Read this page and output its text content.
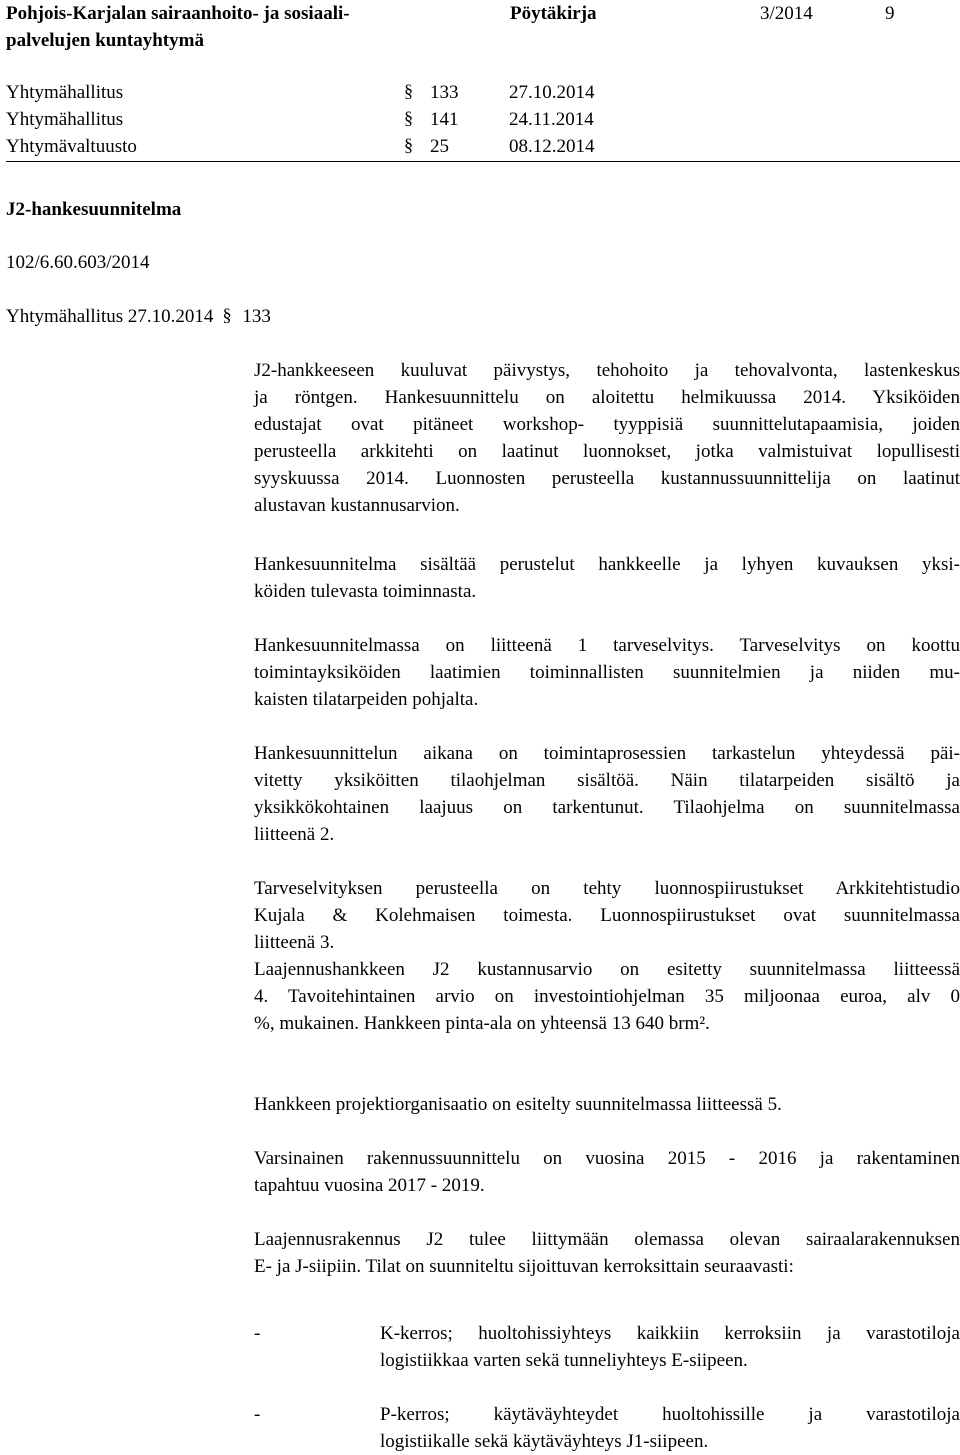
Pohjois-Karjalan sairaanhoito- ja sosiaali-
palvelujen kuntayhtymä
Pöytäkirja	3/2014	9
Yhtymähallitus	§ 133	27.10.2014
Yhtymähallitus	§ 141	24.11.2014
Yhtymävaltuusto	§ 25	08.12.2014
J2-hankesuunnitelma
102/6.60.603/2014
Yhtymähallitus 27.10.2014 § 133

J2-hankkeeseen kuuluvat päivystys, tehohoito ja tehovalvonta, lastenkeskus
ja röntgen. Hankesuunnittelu on aloitettu helmikuussa 2014. Yksiköiden
edustajat ovat pitäneet workshop- tyyppisiä suunnittelutapaamisia, joiden
perusteella arkkitehti on laatinut luonnokset, jotka valmistuivat lopullisesti
syyskuussa 2014. Luonnosten perusteella kustannussuunnittelija on laatinut
alustavan kustannusarvion.

Hankesuunnitelma sisältää perustelut hankkeelle ja lyhyen kuvauksen yksi-
köiden tulevasta toiminnasta.

Hankesuunnitelmassa on liitteenä 1 tarveselvitys. Tarveselvitys on koottu
toimintayksiköiden laatimien toiminnallisten suunnitelmien ja niiden mu-
kaisten tilatarpeiden pohjalta.

Hankesuunnittelun aikana on toimintaprosessien tarkastelun yhteydessä päi-
vitetty yksiköitten tilaohjelman sisältöä. Näin tilatarpeiden sisältö ja
yksikkökohtainen laajuus on tarkentunut. Tilaohjelma on suunnitelmassa
liitteenä 2.

Tarveselvityksen perusteella on tehty luonnospiirustukset Arkkitehtistudio
Kujala & Kolehmaisen toimesta. Luonnospiirustukset ovat suunnitelmassa
liitteenä 3.

Laajennushankkeen J2 kustannusarvio on esitetty suunnitelmassa liitteessä
4. Tavoitehintainen arvio on investointiohjelman 35 miljoonaa euroa, alv 0
%, mukainen. Hankkeen pinta-ala on yhteensä 13 640 brm².

Hankkeen projektiorganisaatio on esitelty suunnitelmassa liitteessä 5.

Varsinainen rakennussuunnittelu on vuosina 2015 - 2016 ja rakentaminen
tapahtuu vuosina 2017 - 2019.

Laajennusrakennus J2 tulee liittymään olemassa olevan sairaalarakennuksen
E- ja J-siipiin. Tilat on suunniteltu sijoittuvan kerroksittain seuraavasti:

-	K-kerros; huoltohissiyhteys kaikkiin kerroksiin ja varastotiloja
logistiikkaa varten sekä tunneliyhteys E-siipeen.
-	P-kerros; käytäväyhteydet huoltohissille ja varastotiloja
logistiikalle sekä käytäväyhteys J1-siipeen.
